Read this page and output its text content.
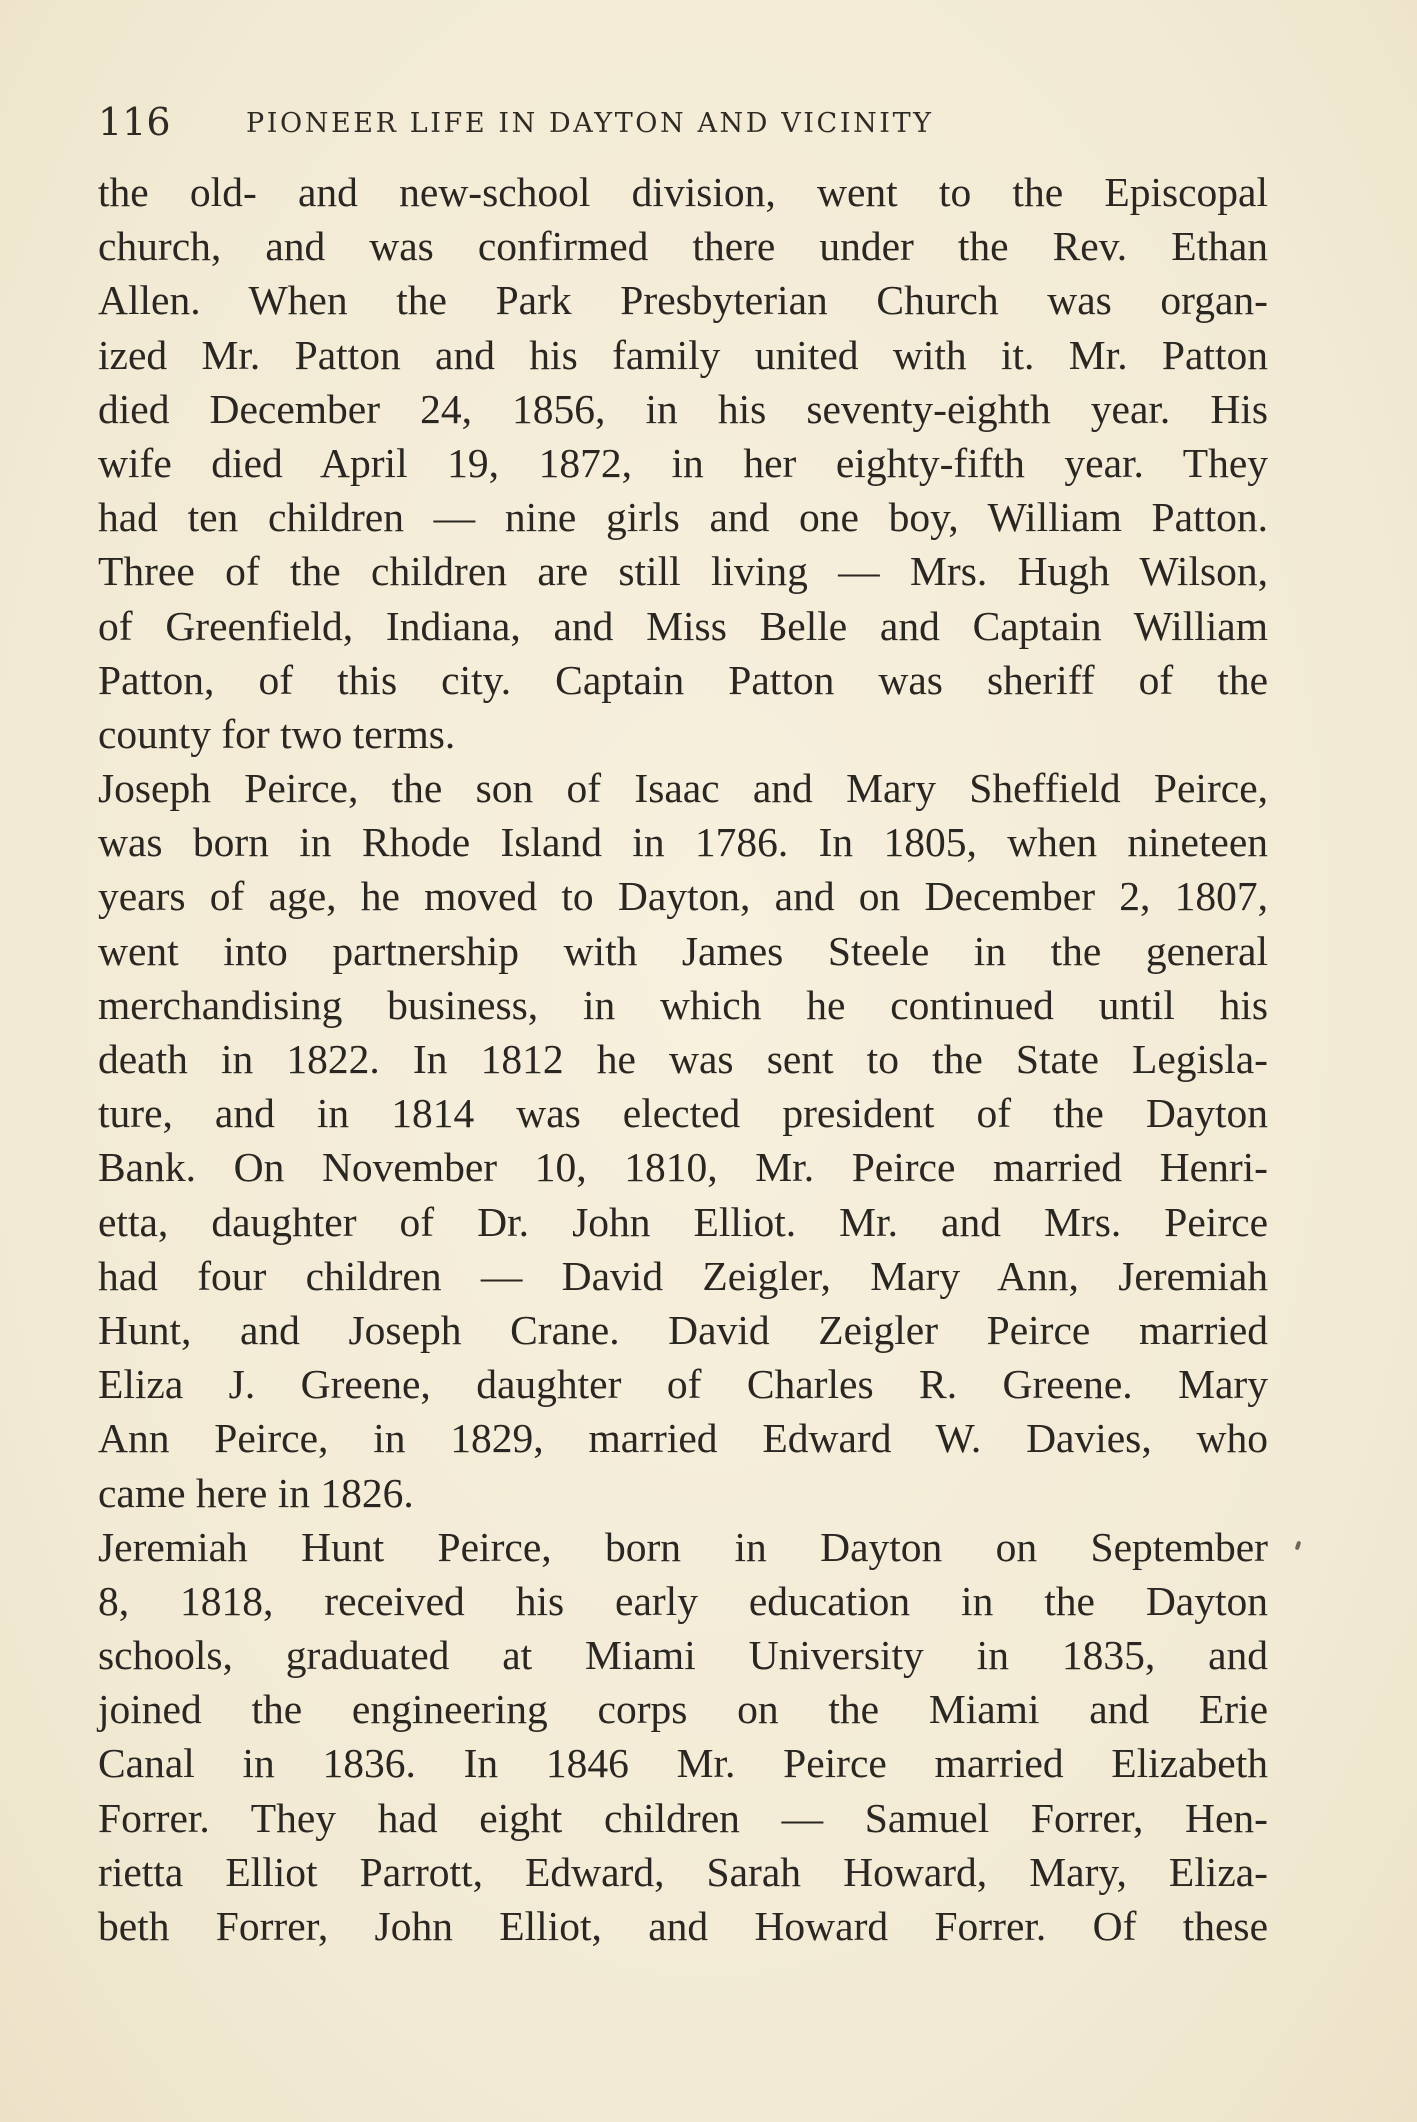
116	PIONEER LIFE IN DAYTON AND VICINITY
the old- and new-school division, went to the Episcopal
church, and was confirmed there under the Rev. Ethan
Allen. When the Park Presbyterian Church was organ-
ized Mr. Patton and his family united with it. Mr. Patton
died December 24, 1856, in his seventy-eighth year. His
wife died April 19, 1872, in her eighty-fifth year. They
had ten children — nine girls and one boy, William Patton.
Three of the children are still living — Mrs. Hugh Wilson,
of Greenfield, Indiana, and Miss Belle and Captain William
Patton, of this city. Captain Patton was sheriff of the
county for two terms.
Joseph Peirce, the son of Isaac and Mary Sheffield Peirce,
was born in Rhode Island in 1786. In 1805, when nineteen
years of age, he moved to Dayton, and on December 2, 1807,
went into partnership with James Steele in the general
merchandising business, in which he continued until his
death in 1822. In 1812 he was sent to the State Legisla-
ture, and in 1814 was elected president of the Dayton
Bank. On November 10, 1810, Mr. Peirce married Henri-
etta, daughter of Dr. John Elliot. Mr. and Mrs. Peirce
had four children — David Zeigler, Mary Ann, Jeremiah
Hunt, and Joseph Crane. David Zeigler Peirce married
Eliza J. Greene, daughter of Charles R. Greene. Mary
Ann Peirce, in 1829, married Edward W. Davies, who
came here in 1826.
Jeremiah Hunt Peirce, born in Dayton on September
8, 1818, received his early education in the Dayton
schools, graduated at Miami University in 1835, and
joined the engineering corps on the Miami and Erie
Canal in 1836. In 1846 Mr. Peirce married Elizabeth
Forrer. They had eight children — Samuel Forrer, Hen-
rietta Elliot Parrott, Edward, Sarah Howard, Mary, Eliza-
beth Forrer, John Elliot, and Howard Forrer. Of these
